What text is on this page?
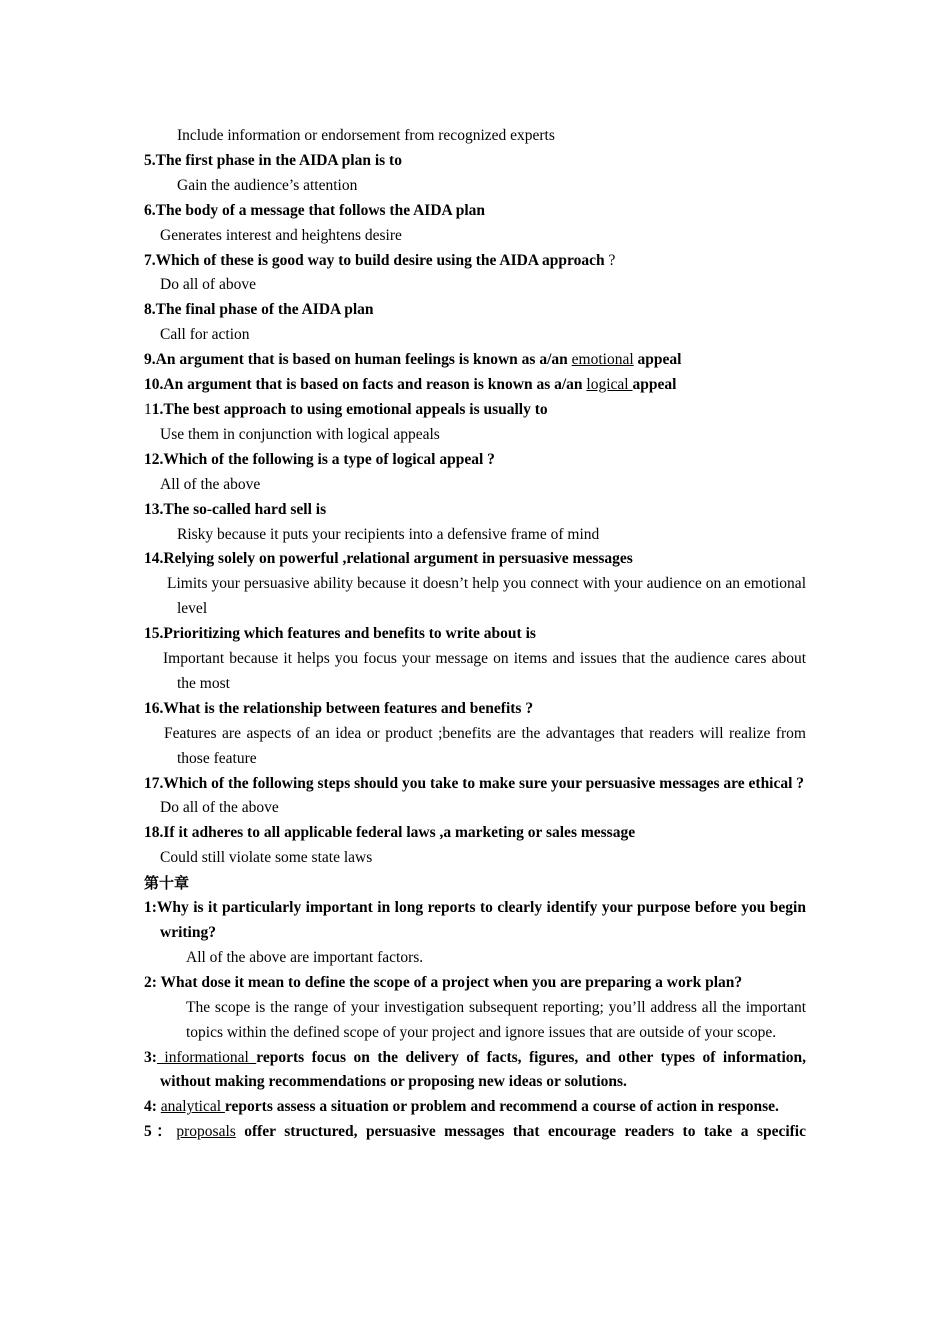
Include information or endorsement from recognized experts

5.The first phase in the AIDA plan is to

Gain the audience’s attention

6.The body of a message that follows the AIDA plan

Generates interest and heightens desire

7.Which of these is good way to build desire using the AIDA approach ?

Do all of above

8.The final phase of the AIDA plan

Call for action

9.An argument that is based on human feelings is known as a/an emotional appeal

10.An argument that is based on facts and reason is known as a/an logical appeal

11.The best approach to using emotional appeals is usually to

Use them in conjunction with logical appeals

12.Which of the following is a type of logical appeal ?

All of the above

13.The so-called hard sell is

Risky because it puts your recipients into a defensive frame of mind

14.Relying solely on powerful ,relational argument in persuasive messages

Limits your persuasive ability because it doesn’t help you connect with your audience on an emotional level

15.Prioritizing which features and benefits to write about is

Important because it helps you focus your message on items and issues that the audience cares about the most

16.What is the relationship between features and benefits ?

Features are aspects of an idea or product ;benefits are the advantages that readers will realize from those feature

17.Which of the following steps should you take to make sure your persuasive messages are ethical ?

Do all of the above

18.If it adheres to all applicable federal laws ,a marketing or sales message

Could still violate some state laws

第十章

1:Why is it particularly important in long reports to clearly identify your purpose before you begin writing?

All of the above are important factors.

2: What dose it mean to define the scope of a project when you are preparing a work plan?

The scope is the range of your investigation subsequent reporting; you’ll address all the important topics within the defined scope of your project and ignore issues that are outside of your scope.

3: informational reports focus on the delivery of facts, figures, and other types of information, without making recommendations or proposing new ideas or solutions.

4: analytical reports assess a situation or problem and recommend a course of action in response.

5：proposals offer structured, persuasive messages that encourage readers to take a specific
